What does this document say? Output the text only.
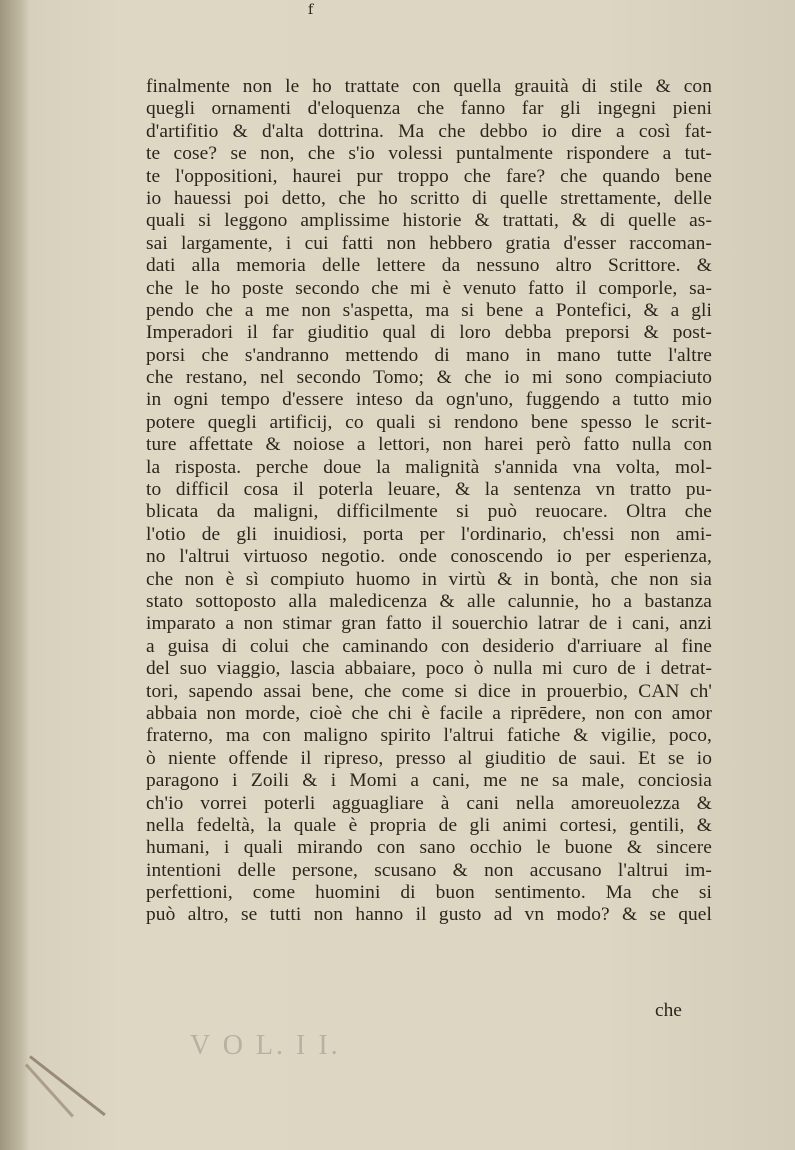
f
finalmente non le ho trattate con quella grauità di stile & con
quegli ornamenti d'eloquenza che fanno far gli ingegni pieni
d'artifitio & d'alta dottrina. Ma che debbo io dire a così fat-
te cose? se non, che s'io volessi puntalmente rispondere a tut-
te l'oppositioni, haurei pur troppo che fare? che quando bene
io hauessi poi detto, che ho scritto di quelle strettamente, delle
quali si leggono amplissime historie & trattati, & di quelle as-
sai largamente, i cui fatti non hebbero gratia d'esser raccoman-
dati alla memoria delle lettere da nessuno altro Scrittore. &
che le ho poste secondo che mi è venuto fatto il comporle, sa-
pendo che a me non s'aspetta, ma si bene a Pontefici, & a gli
Imperadori il far giuditio qual di loro debba preporsi & post-
porsi che s'andranno mettendo di mano in mano tutte l'altre
che restano, nel secondo Tomo; & che io mi sono compiaciuto
in ogni tempo d'essere inteso da ogn'uno, fuggendo a tutto mio
potere quegli artificij, co quali si rendono bene spesso le scrit-
ture affettate & noiose a lettori, non harei però fatto nulla con
la risposta. perche doue la malignità s'annida vna volta, mol-
to difficil cosa il poterla leuare, & la sentenza vn tratto pu-
blicata da maligni, difficilmente si può reuocare. Oltra che
l'otio de gli inuidiosi, porta per l'ordinario, ch'essi non ami-
no l'altrui virtuoso negotio. onde conoscendo io per esperienza,
che non è sì compiuto huomo in virtù & in bontà, che non sia
stato sottoposto alla maledicenza & alle calunnie, ho a bastanza
imparato a non stimar gran fatto il souerchio latrar de i cani, anzi
a guisa di colui che caminando con desiderio d'arriuare al fine
del suo viaggio, lascia abbaiare, poco ò nulla mi curo de i detrat-
tori, sapendo assai bene, che come si dice in prouerbio, CAN ch'
abbaia non morde, cioè che chi è facile a riprēdere, non con amor
fraterno, ma con maligno spirito l'altrui fatiche & vigilie, poco,
ò niente offende il ripreso, presso al giuditio de saui. Et se io
paragono i Zoili & i Momi a cani, me ne sa male, conciosia
ch'io vorrei poterli agguagliare à cani nella amoreuolezza &
nella fedeltà, la quale è propria de gli animi cortesi, gentili, &
humani, i quali mirando con sano occhio le buone & sincere
intentioni delle persone, scusano & non accusano l'altrui im-
perfettioni, come huomini di buon sentimento. Ma che si
può altro, se tutti non hanno il gusto ad vn modo? & se quel
che
V O L. I I.
